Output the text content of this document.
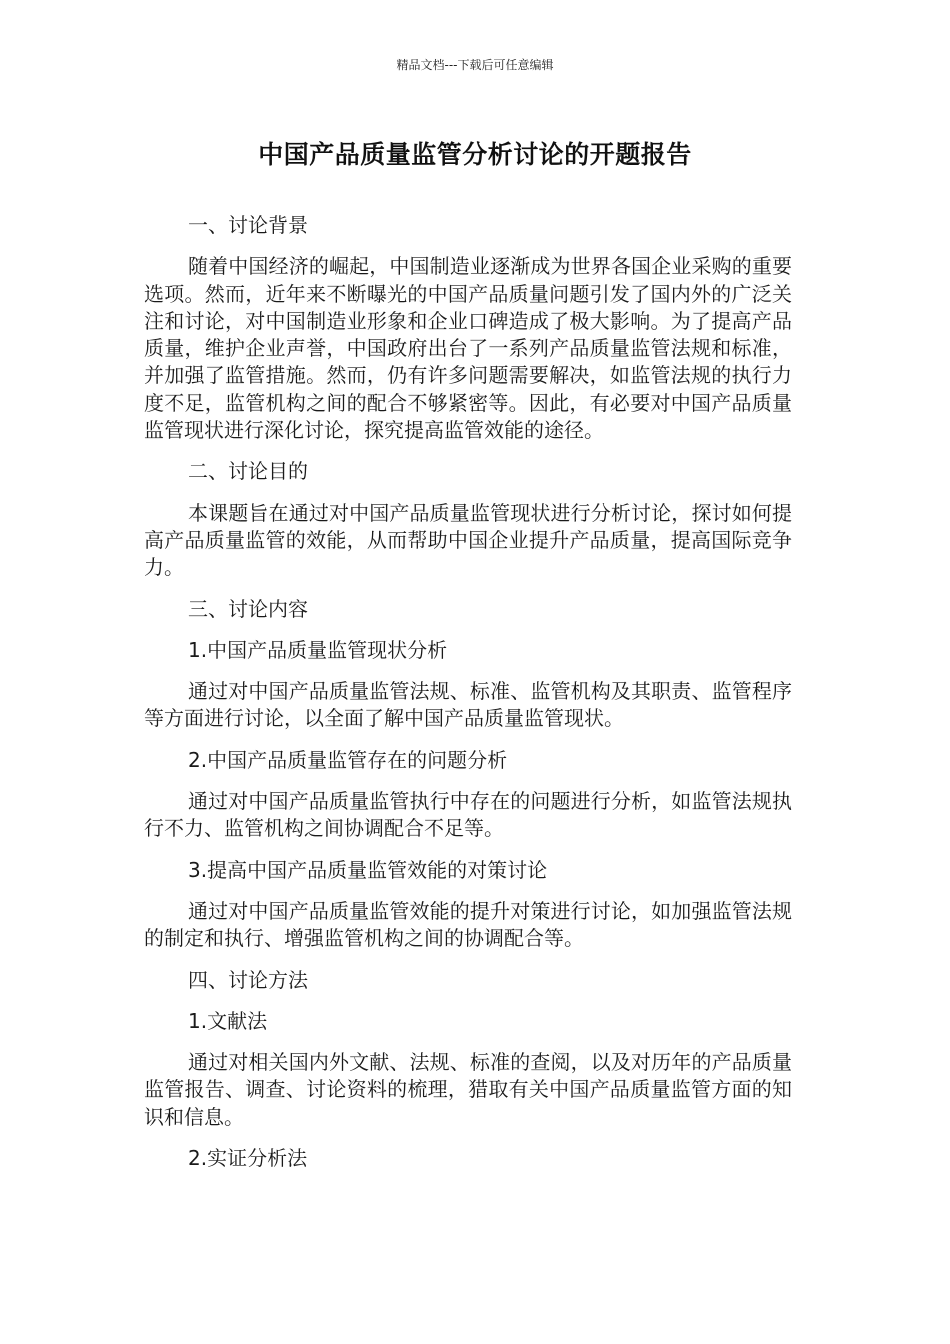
精品文档---下载后可任意编辑
中国产品质量监管分析讨论的开题报告

一、讨论背景

随着中国经济的崛起，中国制造业逐渐成为世界各国企业采购的重要选项。然而，近年来不断曝光的中国产品质量问题引发了国内外的广泛关注和讨论，对中国制造业形象和企业口碑造成了极大影响。为了提高产品质量，维护企业声誉，中国政府出台了一系列产品质量监管法规和标准，并加强了监管措施。然而，仍有许多问题需要解决，如监管法规的执行力度不足，监管机构之间的配合不够紧密等。因此，有必要对中国产品质量监管现状进行深化讨论，探究提高监管效能的途径。

二、讨论目的

本课题旨在通过对中国产品质量监管现状进行分析讨论，探讨如何提高产品质量监管的效能，从而帮助中国企业提升产品质量，提高国际竞争力。

三、讨论内容

1.中国产品质量监管现状分析

通过对中国产品质量监管法规、标准、监管机构及其职责、监管程序等方面进行讨论，以全面了解中国产品质量监管现状。

2.中国产品质量监管存在的问题分析

通过对中国产品质量监管执行中存在的问题进行分析，如监管法规执行不力、监管机构之间协调配合不足等。

3.提高中国产品质量监管效能的对策讨论

通过对中国产品质量监管效能的提升对策进行讨论，如加强监管法规的制定和执行、增强监管机构之间的协调配合等。

四、讨论方法

1.文献法

通过对相关国内外文献、法规、标准的查阅，以及对历年的产品质量监管报告、调查、讨论资料的梳理，猎取有关中国产品质量监管方面的知识和信息。

2.实证分析法
